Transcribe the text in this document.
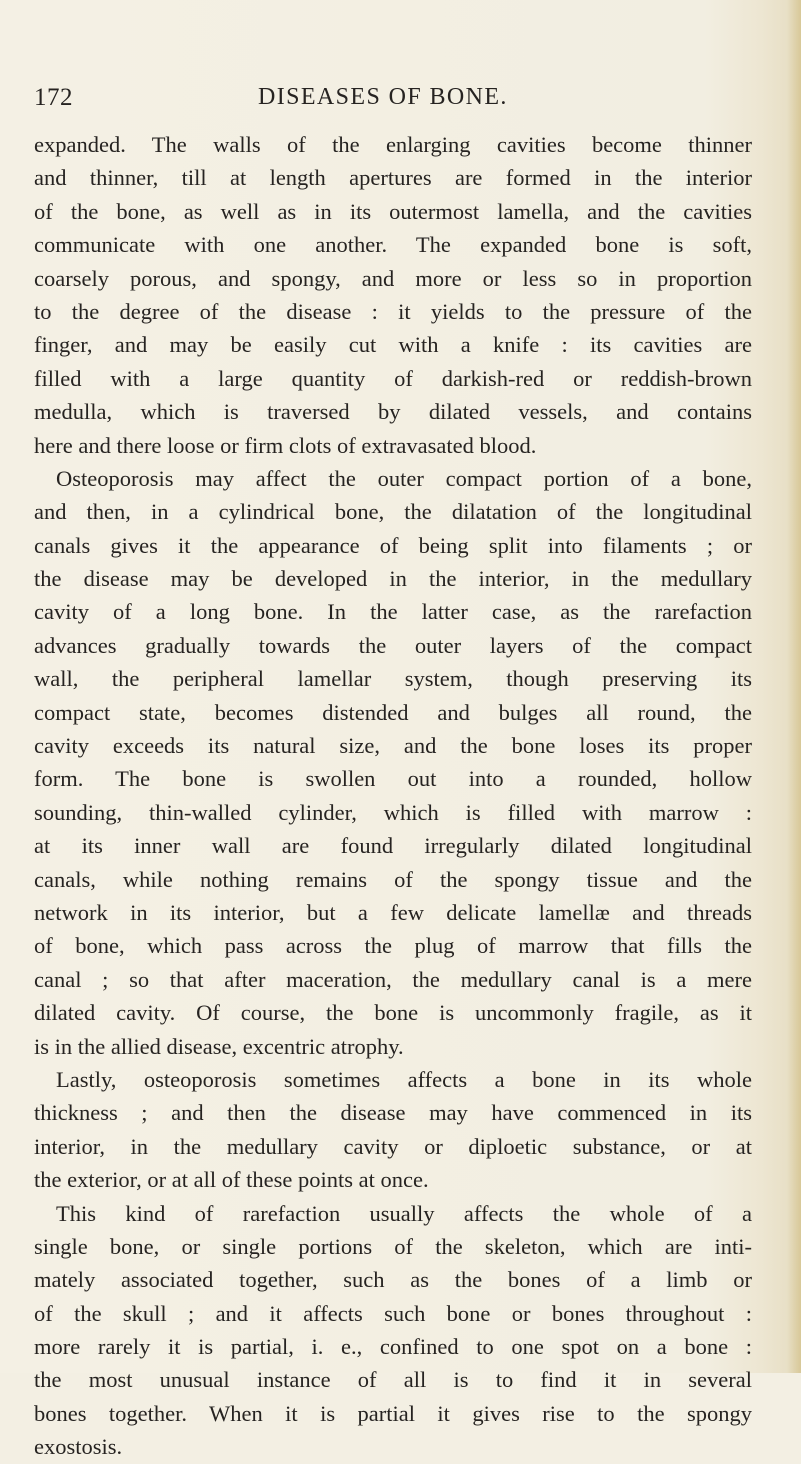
172	DISEASES OF BONE.
expanded. The walls of the enlarging cavities become thinner
and thinner, till at length apertures are formed in the interior
of the bone, as well as in its outermost lamella, and the cavities
communicate with one another. The expanded bone is soft,
coarsely porous, and spongy, and more or less so in proportion
to the degree of the disease : it yields to the pressure of the
finger, and may be easily cut with a knife : its cavities are
filled with a large quantity of darkish-red or reddish-brown
medulla, which is traversed by dilated vessels, and contains
here and there loose or firm clots of extravasated blood.
Osteoporosis may affect the outer compact portion of a bone,
and then, in a cylindrical bone, the dilatation of the longitudinal
canals gives it the appearance of being split into filaments ; or
the disease may be developed in the interior, in the medullary
cavity of a long bone. In the latter case, as the rarefaction
advances gradually towards the outer layers of the compact
wall, the peripheral lamellar system, though preserving its
compact state, becomes distended and bulges all round, the
cavity exceeds its natural size, and the bone loses its proper
form. The bone is swollen out into a rounded, hollow
sounding, thin-walled cylinder, which is filled with marrow :
at its inner wall are found irregularly dilated longitudinal
canals, while nothing remains of the spongy tissue and the
network in its interior, but a few delicate lamellæ and threads
of bone, which pass across the plug of marrow that fills the
canal ; so that after maceration, the medullary canal is a mere
dilated cavity. Of course, the bone is uncommonly fragile, as it
is in the allied disease, excentric atrophy.
Lastly, osteoporosis sometimes affects a bone in its whole
thickness ; and then the disease may have commenced in its
interior, in the medullary cavity or diploetic substance, or at
the exterior, or at all of these points at once.
This kind of rarefaction usually affects the whole of a
single bone, or single portions of the skeleton, which are inti-
mately associated together, such as the bones of a limb or
of the skull ; and it affects such bone or bones throughout :
more rarely it is partial, i. e., confined to one spot on a bone :
the most unusual instance of all is to find it in several
bones together. When it is partial it gives rise to the spongy
exostosis.
